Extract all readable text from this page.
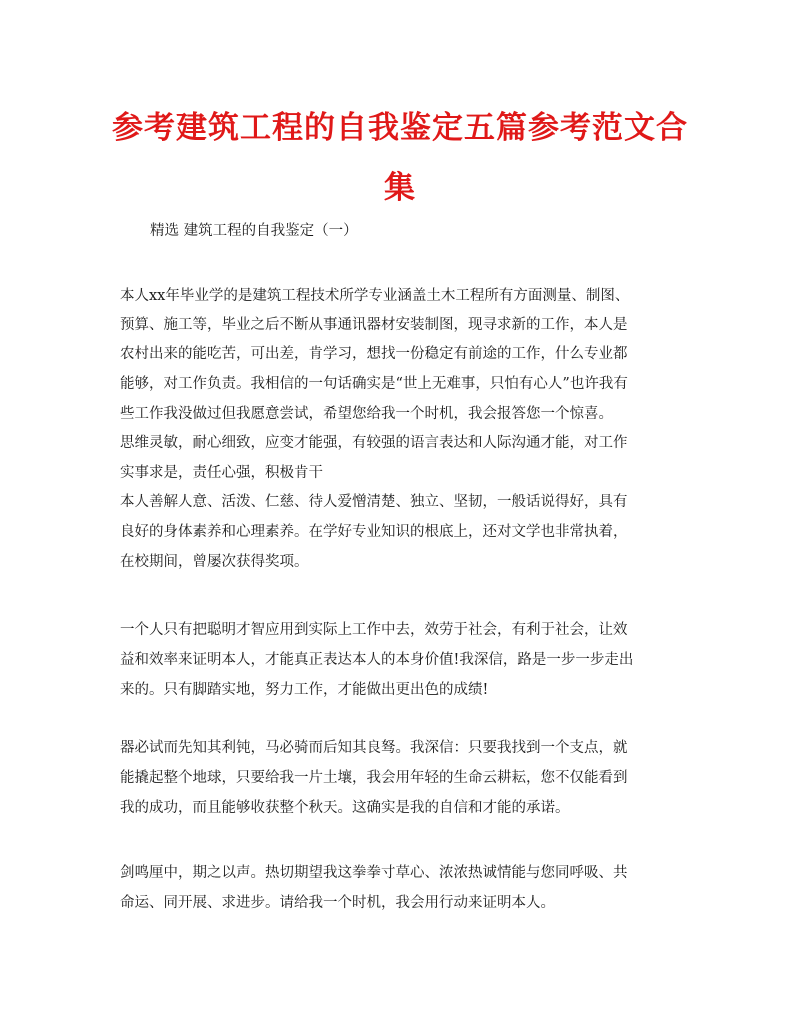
参考建筑工程的自我鉴定五篇参考范文合
集
精选 建筑工程的自我鉴定（一）
本人xx年毕业学的是建筑工程技术所学专业涵盖土木工程所有方面测量、制图、
预算、施工等，毕业之后不断从事通讯器材安装制图，现寻求新的工作，本人是
农村出来的能吃苦，可出差，肯学习，想找一份稳定有前途的工作，什么专业都
能够，对工作负责。我相信的一句话确实是“世上无难事，只怕有心人”也许我有
些工作我没做过但我愿意尝试，希望您给我一个时机，我会报答您一个惊喜。
思维灵敏，耐心细致，应变才能强，有较强的语言表达和人际沟通才能，对工作
实事求是，责任心强，积极肯干
本人善解人意、活泼、仁慈、待人爱憎清楚、独立、坚韧，一般话说得好，具有
良好的身体素养和心理素养。在学好专业知识的根底上，还对文学也非常执着，
在校期间，曾屡次获得奖项。
一个人只有把聪明才智应用到实际上工作中去，效劳于社会，有利于社会，让效
益和效率来证明本人，才能真正表达本人的本身价值!我深信，路是一步一步走出
来的。只有脚踏实地，努力工作，才能做出更出色的成绩!
器必试而先知其利钝，马必骑而后知其良驽。我深信：只要我找到一个支点，就
能撬起整个地球，只要给我一片土壤，我会用年轻的生命云耕耘，您不仅能看到
我的成功，而且能够收获整个秋天。这确实是我的自信和才能的承诺。
剑鸣厘中，期之以声。热切期望我这拳拳寸草心、浓浓热诚情能与您同呼吸、共
命运、同开展、求进步。请给我一个时机，我会用行动来证明本人。
